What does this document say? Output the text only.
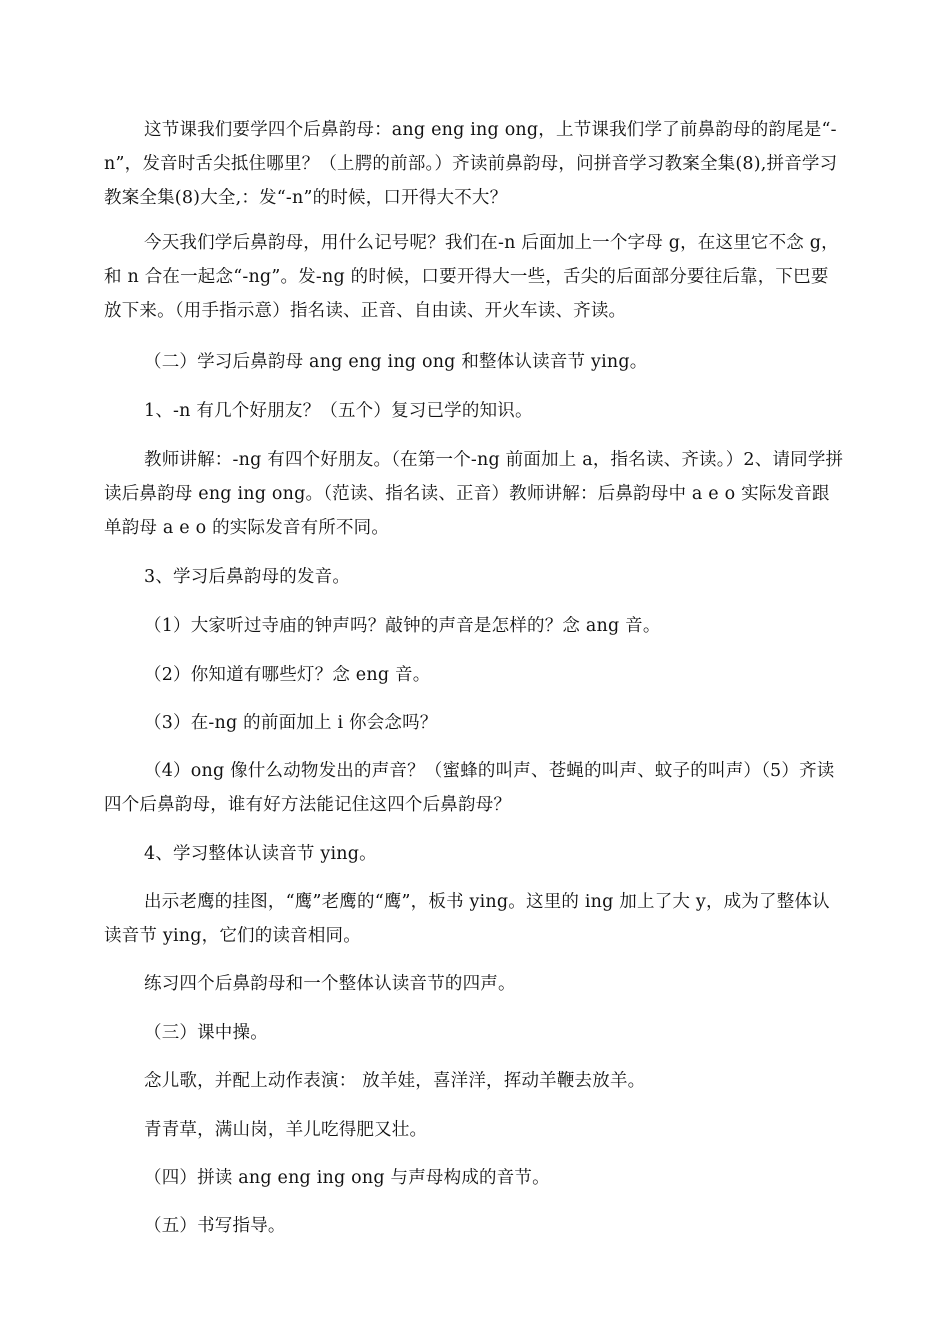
这节课我们要学四个后鼻韵母：ang eng ing ong，上节课我们学了前鼻韵母的韵尾是“-n”，发音时舌尖抵住哪里？（上腭的前部。）齐读前鼻韵母，问拼音学习教案全集(8),拼音学习教案全集(8)大全,：发“-n”的时候，口开得大不大？

今天我们学后鼻韵母，用什么记号呢？我们在-n 后面加上一个字母 g，在这里它不念 g，和 n 合在一起念“-ng”。发-ng 的时候，口要开得大一些，舌尖的后面部分要往后靠，下巴要放下来。（用手指示意）指名读、正音、自由读、开火车读、齐读。

（二）学习后鼻韵母 ang eng ing ong 和整体认读音节 ying。

1、-n 有几个好朋友？（五个）复习已学的知识。

教师讲解：-ng 有四个好朋友。（在第一个-ng 前面加上 a，指名读、齐读。）2、请同学拼读后鼻韵母 eng ing ong。（范读、指名读、正音）教师讲解：后鼻韵母中 a e o 实际发音跟单韵母 a e o 的实际发音有所不同。

3、学习后鼻韵母的发音。

（1）大家听过寺庙的钟声吗？敲钟的声音是怎样的？念 ang 音。

（2）你知道有哪些灯？念 eng 音。

（3）在-ng 的前面加上 i 你会念吗？

（4）ong 像什么动物发出的声音？（蜜蜂的叫声、苍蝇的叫声、蚊子的叫声）（5）齐读四个后鼻韵母，谁有好方法能记住这四个后鼻韵母？

4、学习整体认读音节 ying。

出示老鹰的挂图，“鹰”老鹰的“鹰”，板书 ying。这里的 ing 加上了大 y，成为了整体认读音节 ying，它们的读音相同。

练习四个后鼻韵母和一个整体认读音节的四声。

（三）课中操。

念儿歌，并配上动作表演： 放羊娃，喜洋洋，挥动羊鞭去放羊。

青青草，满山岗，羊儿吃得肥又壮。

（四）拼读 ang eng ing ong 与声母构成的音节。

（五）书写指导。
